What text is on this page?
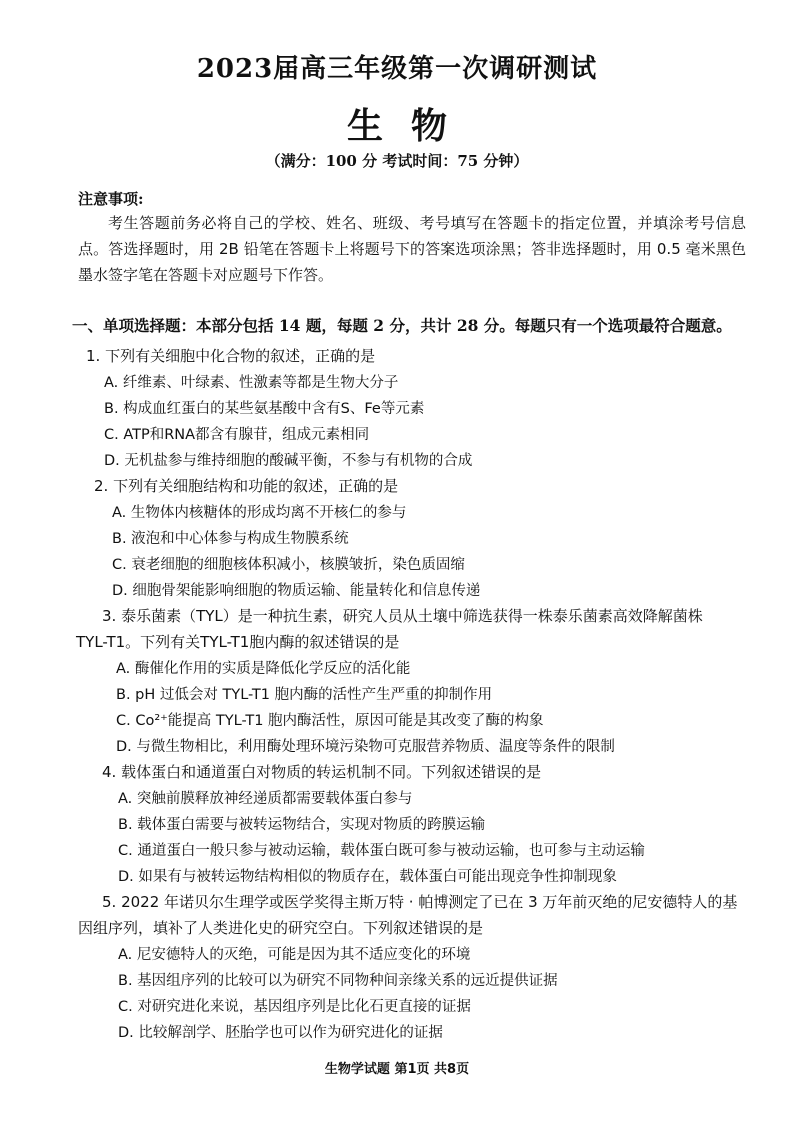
2023届高三年级第一次调研测试
生物
（满分：100 分 考试时间：75 分钟）
注意事项:
考生答题前务必将自己的学校、姓名、班级、考号填写在答题卡的指定位置，并填涂考号信息点。答选择题时，用 2B 铅笔在答题卡上将题号下的答案选项涂黑；答非选择题时，用 0.5 毫米黑色墨水签字笔在答题卡对应题号下作答。
一、单项选择题：本部分包括 14 题，每题 2 分，共计 28 分。每题只有一个选项最符合题意。
1. 下列有关细胞中化合物的叙述，正确的是
A. 纤维素、叶绿素、性激素等都是生物大分子
B. 构成血红蛋白的某些氨基酸中含有S、Fe等元素
C. ATP和RNA都含有腺苷，组成元素相同
D. 无机盐参与维持细胞的酸碱平衡，不参与有机物的合成
2. 下列有关细胞结构和功能的叙述，正确的是
A. 生物体内核糖体的形成均离不开核仁的参与
B. 液泡和中心体参与构成生物膜系统
C. 衰老细胞的细胞核体积减小，核膜皱折，染色质固缩
D. 细胞骨架能影响细胞的物质运输、能量转化和信息传递
3. 泰乐菌素（TYL）是一种抗生素，研究人员从土壤中筛选获得一株泰乐菌素高效降解菌株
TYL-T1。下列有关TYL-T1胞内酶的叙述错误的是
A. 酶催化作用的实质是降低化学反应的活化能
B. pH 过低会对 TYL-T1 胞内酶的活性产生严重的抑制作用
C. Co²⁺能提高 TYL-T1 胞内酶活性，原因可能是其改变了酶的构象
D. 与微生物相比，利用酶处理环境污染物可克服营养物质、温度等条件的限制
4. 载体蛋白和通道蛋白对物质的转运机制不同。下列叙述错误的是
A. 突触前膜释放神经递质都需要载体蛋白参与
B. 载体蛋白需要与被转运物结合，实现对物质的跨膜运输
C. 通道蛋白一般只参与被动运输，载体蛋白既可参与被动运输，也可参与主动运输
D. 如果有与被转运物结构相似的物质存在，载体蛋白可能出现竞争性抑制现象
5. 2022 年诺贝尔生理学或医学奖得主斯万特 · 帕博测定了已在 3 万年前灭绝的尼安德特人的基
因组序列，填补了人类进化史的研究空白。下列叙述错误的是
A. 尼安德特人的灭绝，可能是因为其不适应变化的环境
B. 基因组序列的比较可以为研究不同物种间亲缘关系的远近提供证据
C. 对研究进化来说，基因组序列是比化石更直接的证据
D. 比较解剖学、胚胎学也可以作为研究进化的证据
生物学试题 第1页 共8页
